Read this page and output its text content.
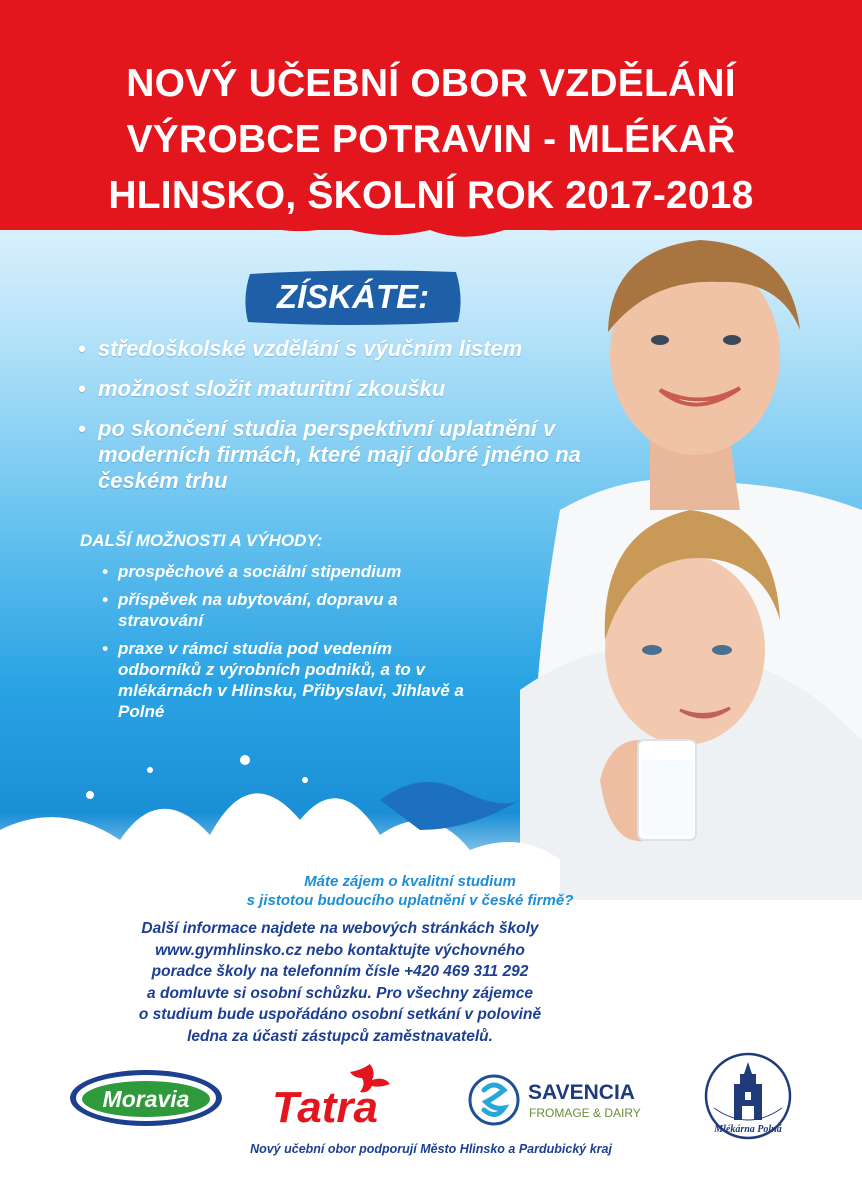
NOVÝ UČEBNÍ OBOR VZDĚLÁNÍ
VÝROBCE POTRAVIN - MLÉKAŘ
HLINSKO, ŠKOLNÍ ROK 2017-2018
ZÍSKÁTE:
• středoškolské vzdělání s výučním listem
• možnost složit maturitní zkoušku
• po skončení studia perspektivní uplatnění v moderních firmách, které mají dobré jméno na českém trhu
DALŠÍ MOŽNOSTI A VÝHODY:
• prospěchové a sociální stipendium
• příspěvek na ubytování, dopravu a stravování
• praxe v rámci studia pod vedením odborníků z výrobních podniků, a to v mlékárnách v Hlinsku, Přibyslavi, Jihlavě a Polné
Máte zájem o kvalitní studium
s jistotou budoucího uplatnění v české firmě?
Další informace najdete na webových stránkách školy
www.gymhlinsko.cz nebo kontaktujte výchovného
poradce školy na telefonním čísle +420 469 311 292
a domluvte si osobní schůzku. Pro všechny zájemce
o studium bude uspořádáno osobní setkání v polovině
ledna za účasti zástupců zaměstnavatelů.
Moravia Tatra	SAVENCIA
FROMAGE & DAIRY
Mlékárna Polná
Nový učební obor podporují Město Hlinsko a Pardubický kraj
